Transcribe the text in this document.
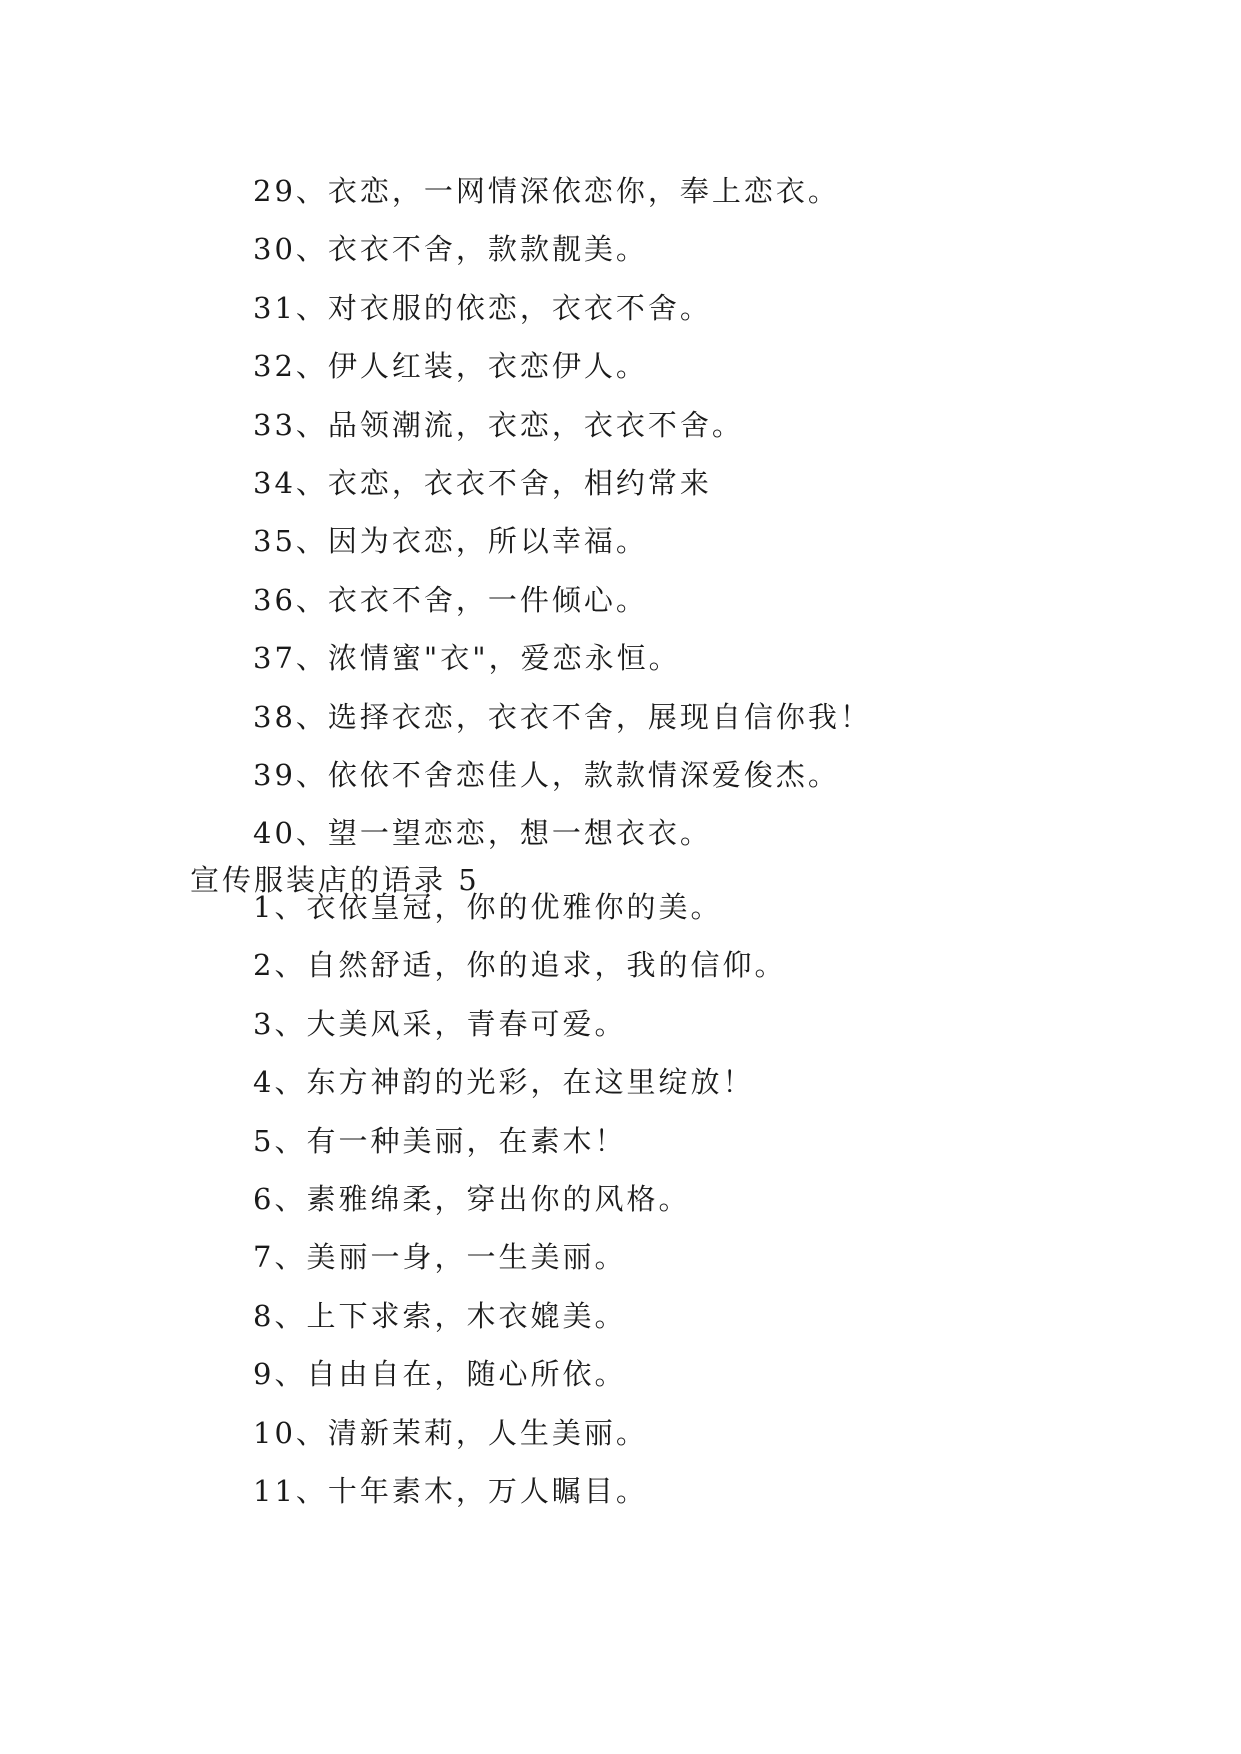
29、衣恋，一网情深依恋你，奉上恋衣。
30、衣衣不舍，款款靓美。
31、对衣服的依恋，衣衣不舍。
32、伊人红装，衣恋伊人。
33、品领潮流，衣恋，衣衣不舍。
34、衣恋，衣衣不舍，相约常来
35、因为衣恋，所以幸福。
36、衣衣不舍，一件倾心。
37、浓情蜜"衣"，爱恋永恒。
38、选择衣恋，衣衣不舍，展现自信你我！
39、依依不舍恋佳人，款款情深爱俊杰。
40、望一望恋恋，想一想衣衣。
宣传服装店的语录 5
1、衣依皇冠，你的优雅你的美。
2、自然舒适，你的追求，我的信仰。
3、大美风采，青春可爱。
4、东方神韵的光彩，在这里绽放！
5、有一种美丽，在素木！
6、素雅绵柔，穿出你的风格。
7、美丽一身，一生美丽。
8、上下求索，木衣媲美。
9、自由自在，随心所依。
10、清新茉莉，人生美丽。
11、十年素木，万人瞩目。
